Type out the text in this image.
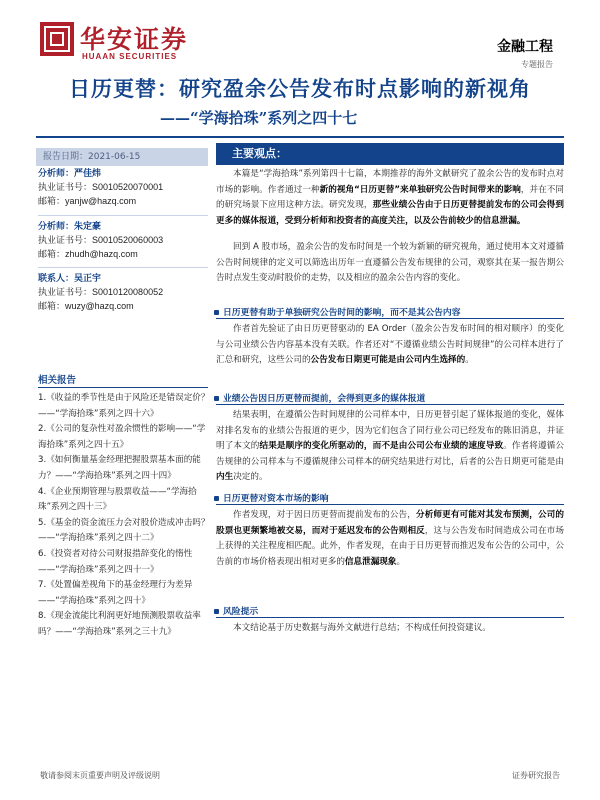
华安证券
HUAAN SECURITIES
金融工程
专题报告
日历更替：研究盈余公告发布时点影响的新视角
——“学海拾珠”系列之四十七
报告日期：2021-06-15
分析师：严佳炜
执业证书号：S0010520070001
邮箱：yanjw@hazq.com
分析师：朱定豪
执业证书号：S0010520060003
邮箱：zhudh@hazq.com
联系人：吴正宇
执业证书号：S0010120080052
邮箱：wuzy@hazq.com
相关报告
1.《收益的季节性是由于风险还是错误定价？——“学海拾珠”系列之四十六》
2.《公司的复杂性对盈余惯性的影响——“学海拾珠”系列之四十五》
3.《如何衡量基金经理把握股票基本面的能力？——“学海拾珠”系列之四十四》
4.《企业预期管理与股票收益——“学海拾珠”系列之四十三》
5.《基金的资金流压力会对股价造成冲击吗？——“学海拾珠”系列之四十二》
6.《投资者对待公司财报措辞变化的惰性——“学海拾珠”系列之四十一》
7.《处置偏差视角下的基金经理行为差异——“学海拾珠”系列之四十》
8.《现金流能比利润更好地预测股票收益率吗？——“学海拾珠”系列之三十九》
主要观点：

本篇是“学海拾珠”系列第四十七篇，本期推荐的海外文献研究了盈余公告的发布时点对市场的影响。作者通过一种新的视角“日历更替”来单独研究公告时间带来的影响，并在不同的研究场景下应用这种方法。研究发现，那些业绩公告由于日历更替提前发布的公司会得到更多的媒体报道，受到分析师和投资者的高度关注，以及公告前较少的信息泄漏。

回到 A 股市场，盈余公告的发布时间是一个较为新颖的研究视角，通过使用本文对遵循公告时间规律的定义可以筛选出历年一直遵循公告发布规律的公司，观察其在某一报告期公告时点发生变动时股价的走势，以及相应的盈余公告内容的变化。

日历更替有助于单独研究公告时间的影响，而不是其公告内容

作者首先验证了由日历更替驱动的 EA Order（盈余公告发布时间的相对顺序）的变化与公司业绩公告内容基本没有关联。作者还对“不遵循业绩公告时间规律”的公司样本进行了汇总和研究，这些公司的公告发布日期更可能是由公司内生选择的。

业绩公告因日历更替而提前，会得到更多的媒体报道

结果表明，在遵循公告时间规律的公司样本中，日历更替引起了媒体报道的变化，媒体对排名发布的业绩公告报道的更少，因为它们包含了同行业公司已经发布的陈旧消息，并证明了本文的结果是顺序的变化所驱动的，而不是由公司公布业绩的速度导致。作者将遵循公告规律的公司样本与不遵循规律公司样本的研究结果进行对比，后者的公告日期更可能是由内生决定的。

日历更替对资本市场的影响

作者发现，对于因日历更替而提前发布的公告，分析师更有可能对其发布预测，公司的股票也更频繁地被交易，而对于延迟发布的公告则相反，这与公告发布时间造成公司在市场上获得的关注程度相匹配。此外，作者发现，在由于日历更替而推迟发布公告的公司中，公告前的市场价格表现出相对更多的信息泄漏现象。

风险提示

本文结论基于历史数据与海外文献进行总结；不构成任何投资建议。

敬请参阅末页重要声明及评级说明	证券研究报告
